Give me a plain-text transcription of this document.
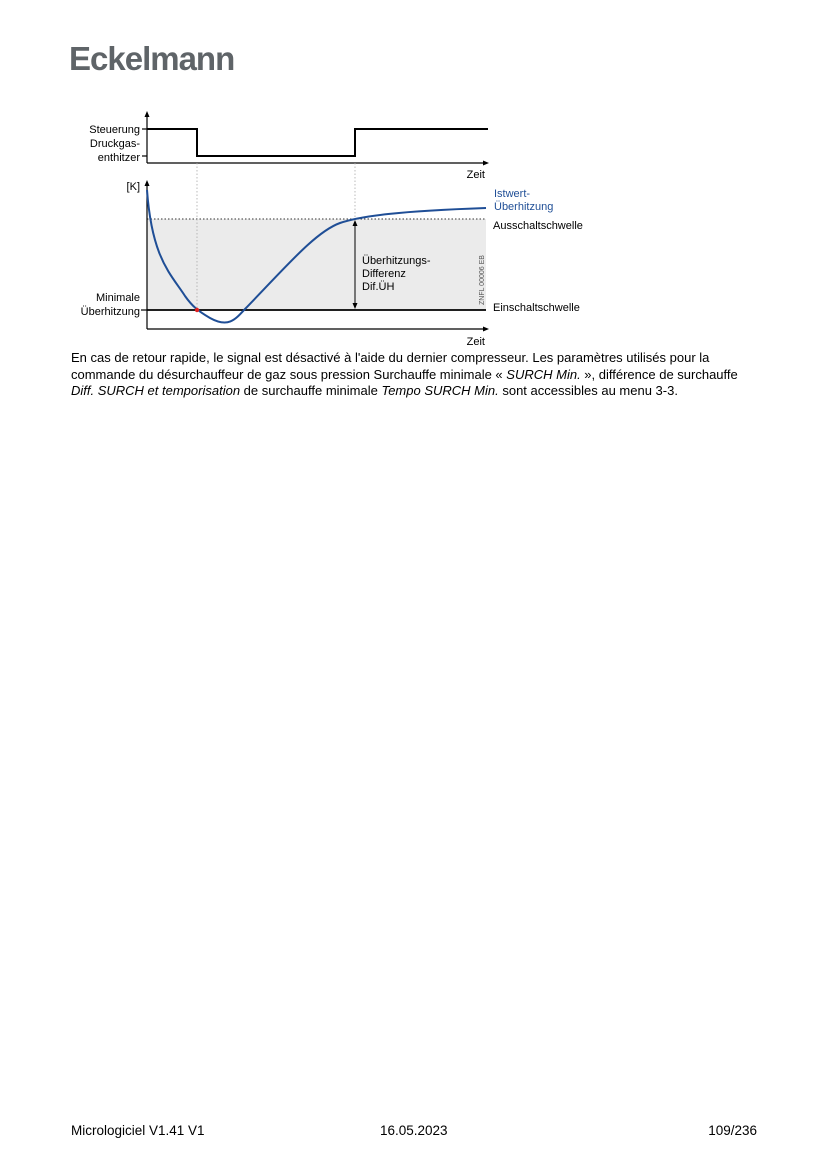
Eckelmann
Steuerung
Druckgas-
enthitzer
Zeit
[K]
Zeit
Istwert-
Überhitzung
Ausschaltschwelle
Einschaltschwelle
Überhitzungs-
Differenz
Dif.ÜH
Minimale
Überhitzung
ZNFL 00006 EB
En cas de retour rapide, le signal est désactivé à l'aide du dernier compresseur. Les paramètres utilisés pour la commande du désurchauffeur de gaz sous pression Surchauffe minimale « SURCH Min. », différence de surchauffe Diff. SURCH et temporisation de surchauffe minimale Tempo SURCH Min. sont accessibles au menu 3-3.
Micrologiciel V1.41 V1	16.05.2023	109/236
